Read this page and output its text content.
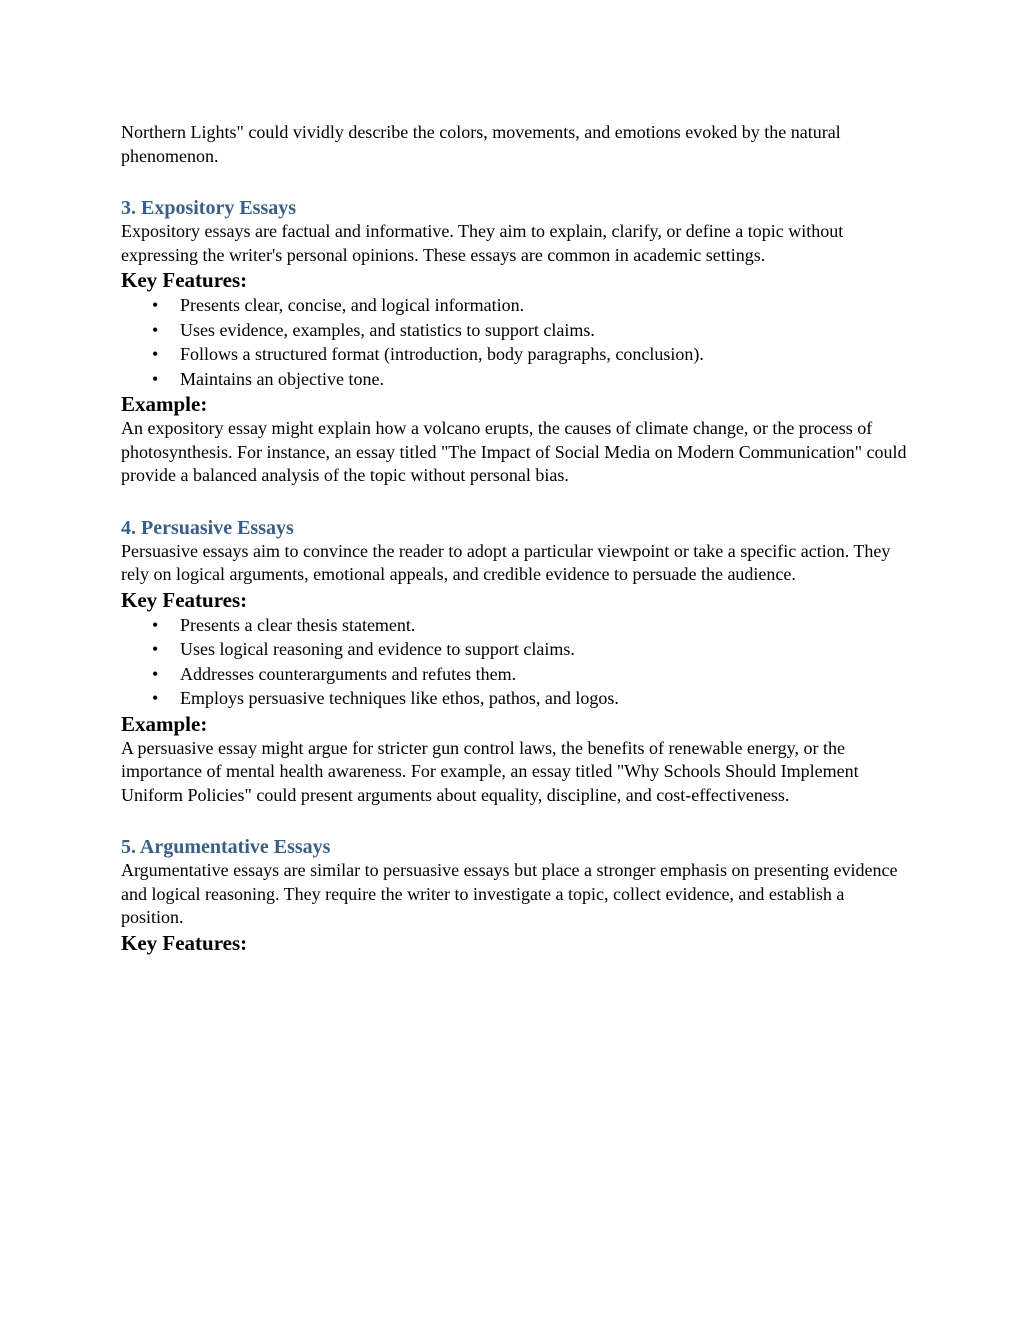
Northern Lights" could vividly describe the colors, movements, and emotions evoked by the natural phenomenon.

3. Expository Essays

Expository essays are factual and informative. They aim to explain, clarify, or define a topic without expressing the writer's personal opinions. These essays are common in academic settings.

Key Features:
• Presents clear, concise, and logical information.
• Uses evidence, examples, and statistics to support claims.
• Follows a structured format (introduction, body paragraphs, conclusion).
• Maintains an objective tone.
Example:

An expository essay might explain how a volcano erupts, the causes of climate change, or the process of photosynthesis. For instance, an essay titled "The Impact of Social Media on Modern Communication" could provide a balanced analysis of the topic without personal bias.

4. Persuasive Essays

Persuasive essays aim to convince the reader to adopt a particular viewpoint or take a specific action. They rely on logical arguments, emotional appeals, and credible evidence to persuade the audience.

Key Features:
• Presents a clear thesis statement.
• Uses logical reasoning and evidence to support claims.
• Addresses counterarguments and refutes them.
• Employs persuasive techniques like ethos, pathos, and logos.
Example:

A persuasive essay might argue for stricter gun control laws, the benefits of renewable energy, or the importance of mental health awareness. For example, an essay titled "Why Schools Should Implement Uniform Policies" could present arguments about equality, discipline, and cost-effectiveness.

5. Argumentative Essays

Argumentative essays are similar to persuasive essays but place a stronger emphasis on presenting evidence and logical reasoning. They require the writer to investigate a topic, collect evidence, and establish a position.

Key Features:
